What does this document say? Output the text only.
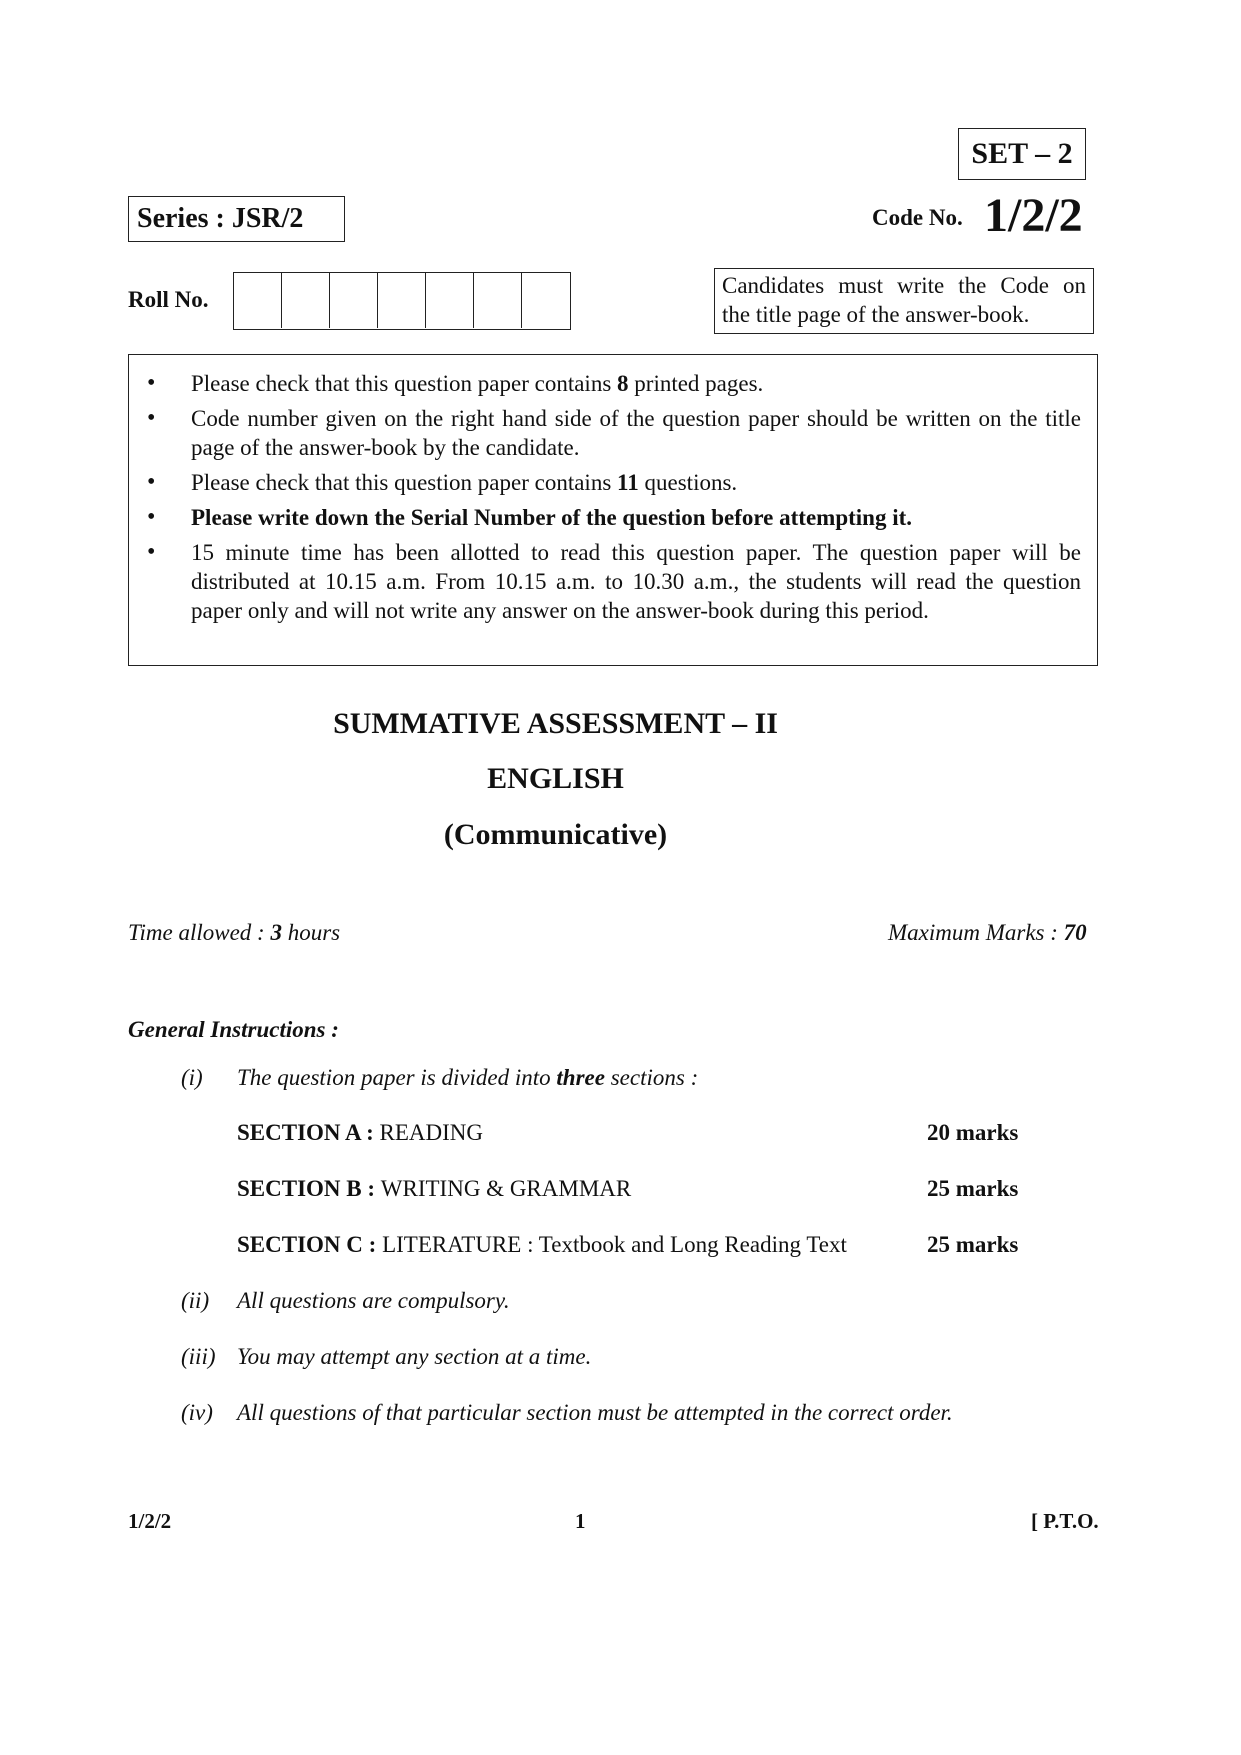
SET – 2
Series : JSR/2	Code No. 1/2/2
Roll No.
Candidates must write the Code on
the title page of the answer-book.
• Please check that this question paper contains 8 printed pages.
• Code number given on the right hand side of the question paper should be written on the title page of the answer-book by the candidate.
• Please check that this question paper contains 11 questions.
• Please write down the Serial Number of the question before attempting it.
• 15 minute time has been allotted to read this question paper. The question paper will be distributed at 10.15 a.m. From 10.15 a.m. to 10.30 a.m., the students will read the question paper only and will not write any answer on the answer-book during this period.
SUMMATIVE ASSESSMENT – II
ENGLISH
(Communicative)
Time allowed : 3 hours	Maximum Marks : 70
General Instructions :
(i) The question paper is divided into three sections :
SECTION A : READING	20 marks
SECTION B : WRITING & GRAMMAR	25 marks
SECTION C : LITERATURE : Textbook and Long Reading Text	25 marks
(ii) All questions are compulsory.
(iii) You may attempt any section at a time.
(iv) All questions of that particular section must be attempted in the correct order.
1/2/2	1	[ P.T.O.
